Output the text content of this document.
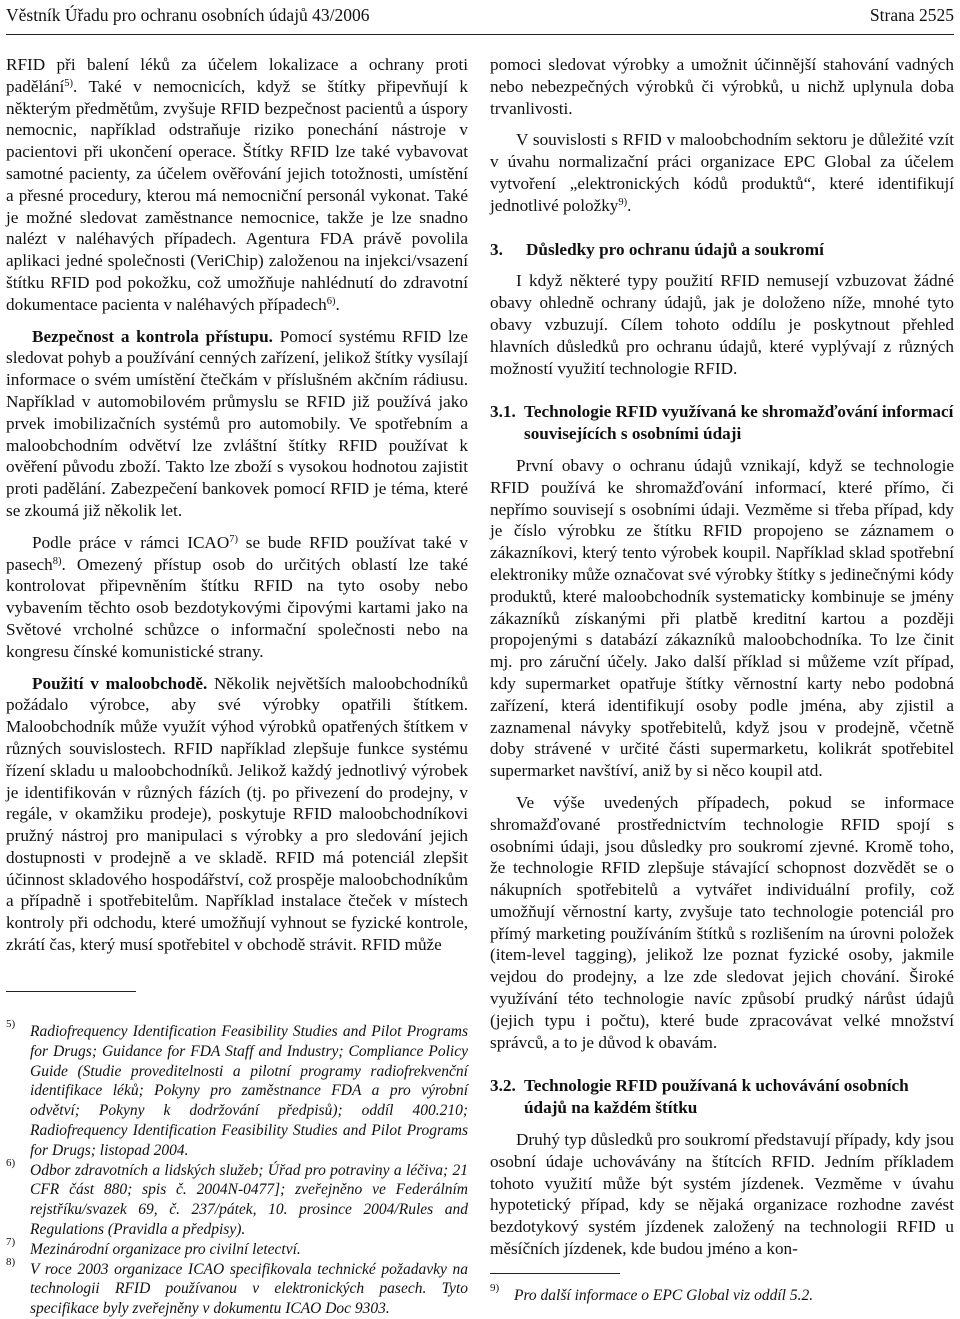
Věstník Úřadu pro ochranu osobních údajů 43/2006	Strana 2525

RFID při balení léků za účelem lokalizace a ochrany proti padělání$^{5)}$. Také v nemocnicích, když se štítky připevňují k některým předmětům, zvyšuje RFID bezpečnost pacientů a úspory nemocnic, například odstraňuje riziko ponechání nástroje v pacientovi při ukončení operace. Štítky RFID lze také vybavovat samotné pacienty, za účelem ověřování jejich totožnosti, umístění a přesné procedury, kterou má nemocniční personál vykonat. Také je možné sledovat zaměstnance nemocnice, takže je lze snadno nalézt v naléhavých případech. Agentura FDA právě povolila aplikaci jedné společnosti (VeriChip) založenou na injekci/vsazení štítku RFID pod pokožku, což umožňuje nahlédnutí do zdravotní dokumentace pacienta v naléhavých případech$^{6)}$.

Bezpečnost a kontrola přístupu. Pomocí systému RFID lze sledovat pohyb a používání cenných zařízení, jelikož štítky vysílají informace o svém umístění čtečkám v příslušném akčním rádiusu. Například v automobilovém průmyslu se RFID již používá jako prvek imobilizačních systémů pro automobily. Ve spotřebním a maloobchodním odvětví lze zvláštní štítky RFID používat k ověření původu zboží. Takto lze zboží s vysokou hodnotou zajistit proti padělání. Zabezpečení bankovek pomocí RFID je téma, které se zkoumá již několik let.

Podle práce v rámci ICAO$^{7)}$ se bude RFID používat také v pasech$^{8)}$. Omezený přístup osob do určitých oblastí lze také kontrolovat připevněním štítku RFID na tyto osoby nebo vybavením těchto osob bezdotykovými čipovými kartami jako na Světové vrcholné schůzce o informační společnosti nebo na kongresu čínské komunistické strany.

Použití v maloobchodě. Několik největších maloobchodníků požádalo výrobce, aby své výrobky opatřili štítkem. Maloobchodník může využít výhod výrobků opatřených štítkem v různých souvislostech. RFID například zlepšuje funkce systému řízení skladu u maloobchodníků. Jelikož každý jednotlivý výrobek je identifikován v různých fázích (tj. po přivezení do prodejny, v regále, v okamžiku prodeje), poskytuje RFID maloobchodníkovi pružný nástroj pro manipulaci s výrobky a pro sledování jejich dostupnosti v prodejně a ve skladě. RFID má potenciál zlepšit účinnost skladového hospodářství, což prospěje maloobchodníkům a případně i spotřebitelům. Například instalace čteček v místech kontroly při odchodu, které umožňují vyhnout se fyzické kontrole, zkrátí čas, který musí spotřebitel v obchodě strávit. RFID může

5) Radiofrequency Identification Feasibility Studies and Pilot Programs for Drugs; Guidance for FDA Staff and Industry; Compliance Policy Guide (Studie proveditelnosti a pilotní programy radiofrekvenční identifikace léků; Pokyny pro zaměstnance FDA a pro výrobní odvětví; Pokyny k dodržování předpisů); oddíl 400.210; Radiofrequency Identification Feasibility Studies and Pilot Programs for Drugs; listopad 2004.
6) Odbor zdravotních a lidských služeb; Úřad pro potraviny a léčiva; 21 CFR část 880; spis č. 2004N-0477]; zveřejněno ve Federálním rejstříku/svazek 69, č. 237/pátek, 10. prosince 2004/Rules and Regulations (Pravidla a předpisy).
7) Mezinárodní organizace pro civilní letectví.
8) V roce 2003 organizace ICAO specifikovala technické požadavky na technologii RFID používanou v elektronických pasech. Tyto specifikace byly zveřejněny v dokumentu ICAO Doc 9303.

pomoci sledovat výrobky a umožnit účinnější stahování vadných nebo nebezpečných výrobků či výrobků, u nichž uplynula doba trvanlivosti.

V souvislosti s RFID v maloobchodním sektoru je důležité vzít v úvahu normalizační práci organizace EPC Global za účelem vytvoření „elektronických kódů produktů“, které identifikují jednotlivé položky$^{9)}$.

3.	Důsledky pro ochranu údajů a soukromí

I když některé typy použití RFID nemusejí vzbuzovat žádné obavy ohledně ochrany údajů, jak je doloženo níže, mnohé tyto obavy vzbuzují. Cílem tohoto oddílu je poskytnout přehled hlavních důsledků pro ochranu údajů, které vyplývají z různých možností využití technologie RFID.

3.1. Technologie RFID využívaná ke shromažďování informací souvisejících s osobními údaji

První obavy o ochranu údajů vznikají, když se technologie RFID používá ke shromažďování informací, které přímo, či nepřímo souvisejí s osobními údaji. Vezměme si třeba případ, kdy je číslo výrobku ze štítku RFID propojeno se záznamem o zákazníkovi, který tento výrobek koupil. Například sklad spotřební elektroniky může označovat své výrobky štítky s jedinečnými kódy produktů, které maloobchodník systematicky kombinuje se jmény zákazníků získanými při platbě kreditní kartou a později propojenými s databází zákazníků maloobchodníka. To lze činit mj. pro záruční účely. Jako další příklad si můžeme vzít případ, kdy supermarket opatřuje štítky věrnostní karty nebo podobná zařízení, která identifikují osoby podle jména, aby zjistil a zaznamenal návyky spotřebitelů, když jsou v prodejně, včetně doby strávené v určité části supermarketu, kolikrát spotřebitel supermarket navštíví, aniž by si něco koupil atd.

Ve výše uvedených případech, pokud se informace shromažďované prostřednictvím technologie RFID spojí s osobními údaji, jsou důsledky pro soukromí zjevné. Kromě toho, že technologie RFID zlepšuje stávající schopnost dozvědět se o nákupních spotřebitelů a vytvářet individuální profily, což umožňují věrnostní karty, zvyšuje tato technologie potenciál pro přímý marketing používáním štítků s rozlišením na úrovni položek (item-level tagging), jelikož lze poznat fyzické osoby, jakmile vejdou do prodejny, a lze zde sledovat jejich chování. Široké využívání této technologie navíc způsobí prudký nárůst údajů (jejich typu i počtu), které bude zpracovávat velké množství správců, a to je důvod k obavám.

3.2. Technologie RFID používaná k uchovávání osobních údajů na každém štítku

Druhý typ důsledků pro soukromí představují případy, kdy jsou osobní údaje uchovávány na štítcích RFID. Jedním příkladem tohoto využití může být systém jízdenek. Vezměme v úvahu hypotetický případ, kdy se nějaká organizace rozhodne zavést bezdotykový systém jízdenek založený na technologii RFID u měsíčních jízdenek, kde budou jméno a kon-

9) Pro další informace o EPC Global viz oddíl 5.2.
